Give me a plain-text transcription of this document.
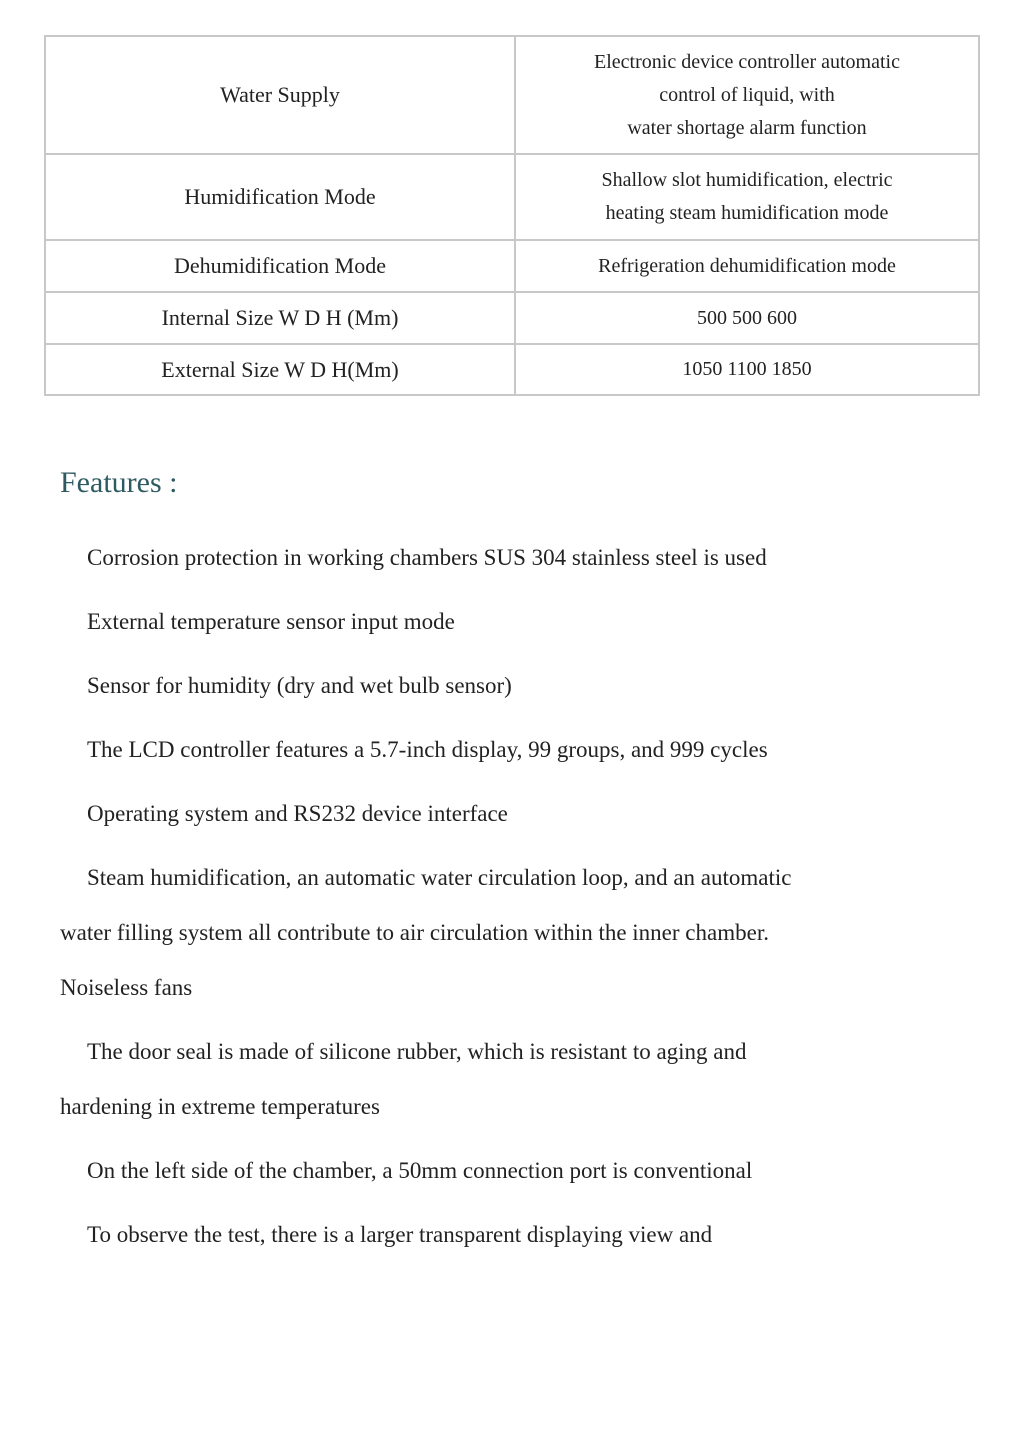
Water Supply	Electronic device controller automatic
control of liquid, with
water shortage alarm function

Humidification Mode	Shallow slot humidification, electric
heating steam humidification mode

Dehumidification Mode	Refrigeration dehumidification mode

Internal Size W D H (Mm)	500 500 600

External Size W D H(Mm)	1050 1100 1850
Features :
Corrosion protection in working chambers SUS 304 stainless steel is used
External temperature sensor input mode
Sensor for humidity (dry and wet bulb sensor)
The LCD controller features a 5.7-inch display, 99 groups, and 999 cycles
Operating system and RS232 device interface
Steam humidification, an automatic water circulation loop, and an automatic water filling system all contribute to air circulation within the inner chamber. Noiseless fans
The door seal is made of silicone rubber, which is resistant to aging and hardening in extreme temperatures
On the left side of the chamber, a 50mm connection port is conventional
To observe the test, there is a larger transparent displaying view and
